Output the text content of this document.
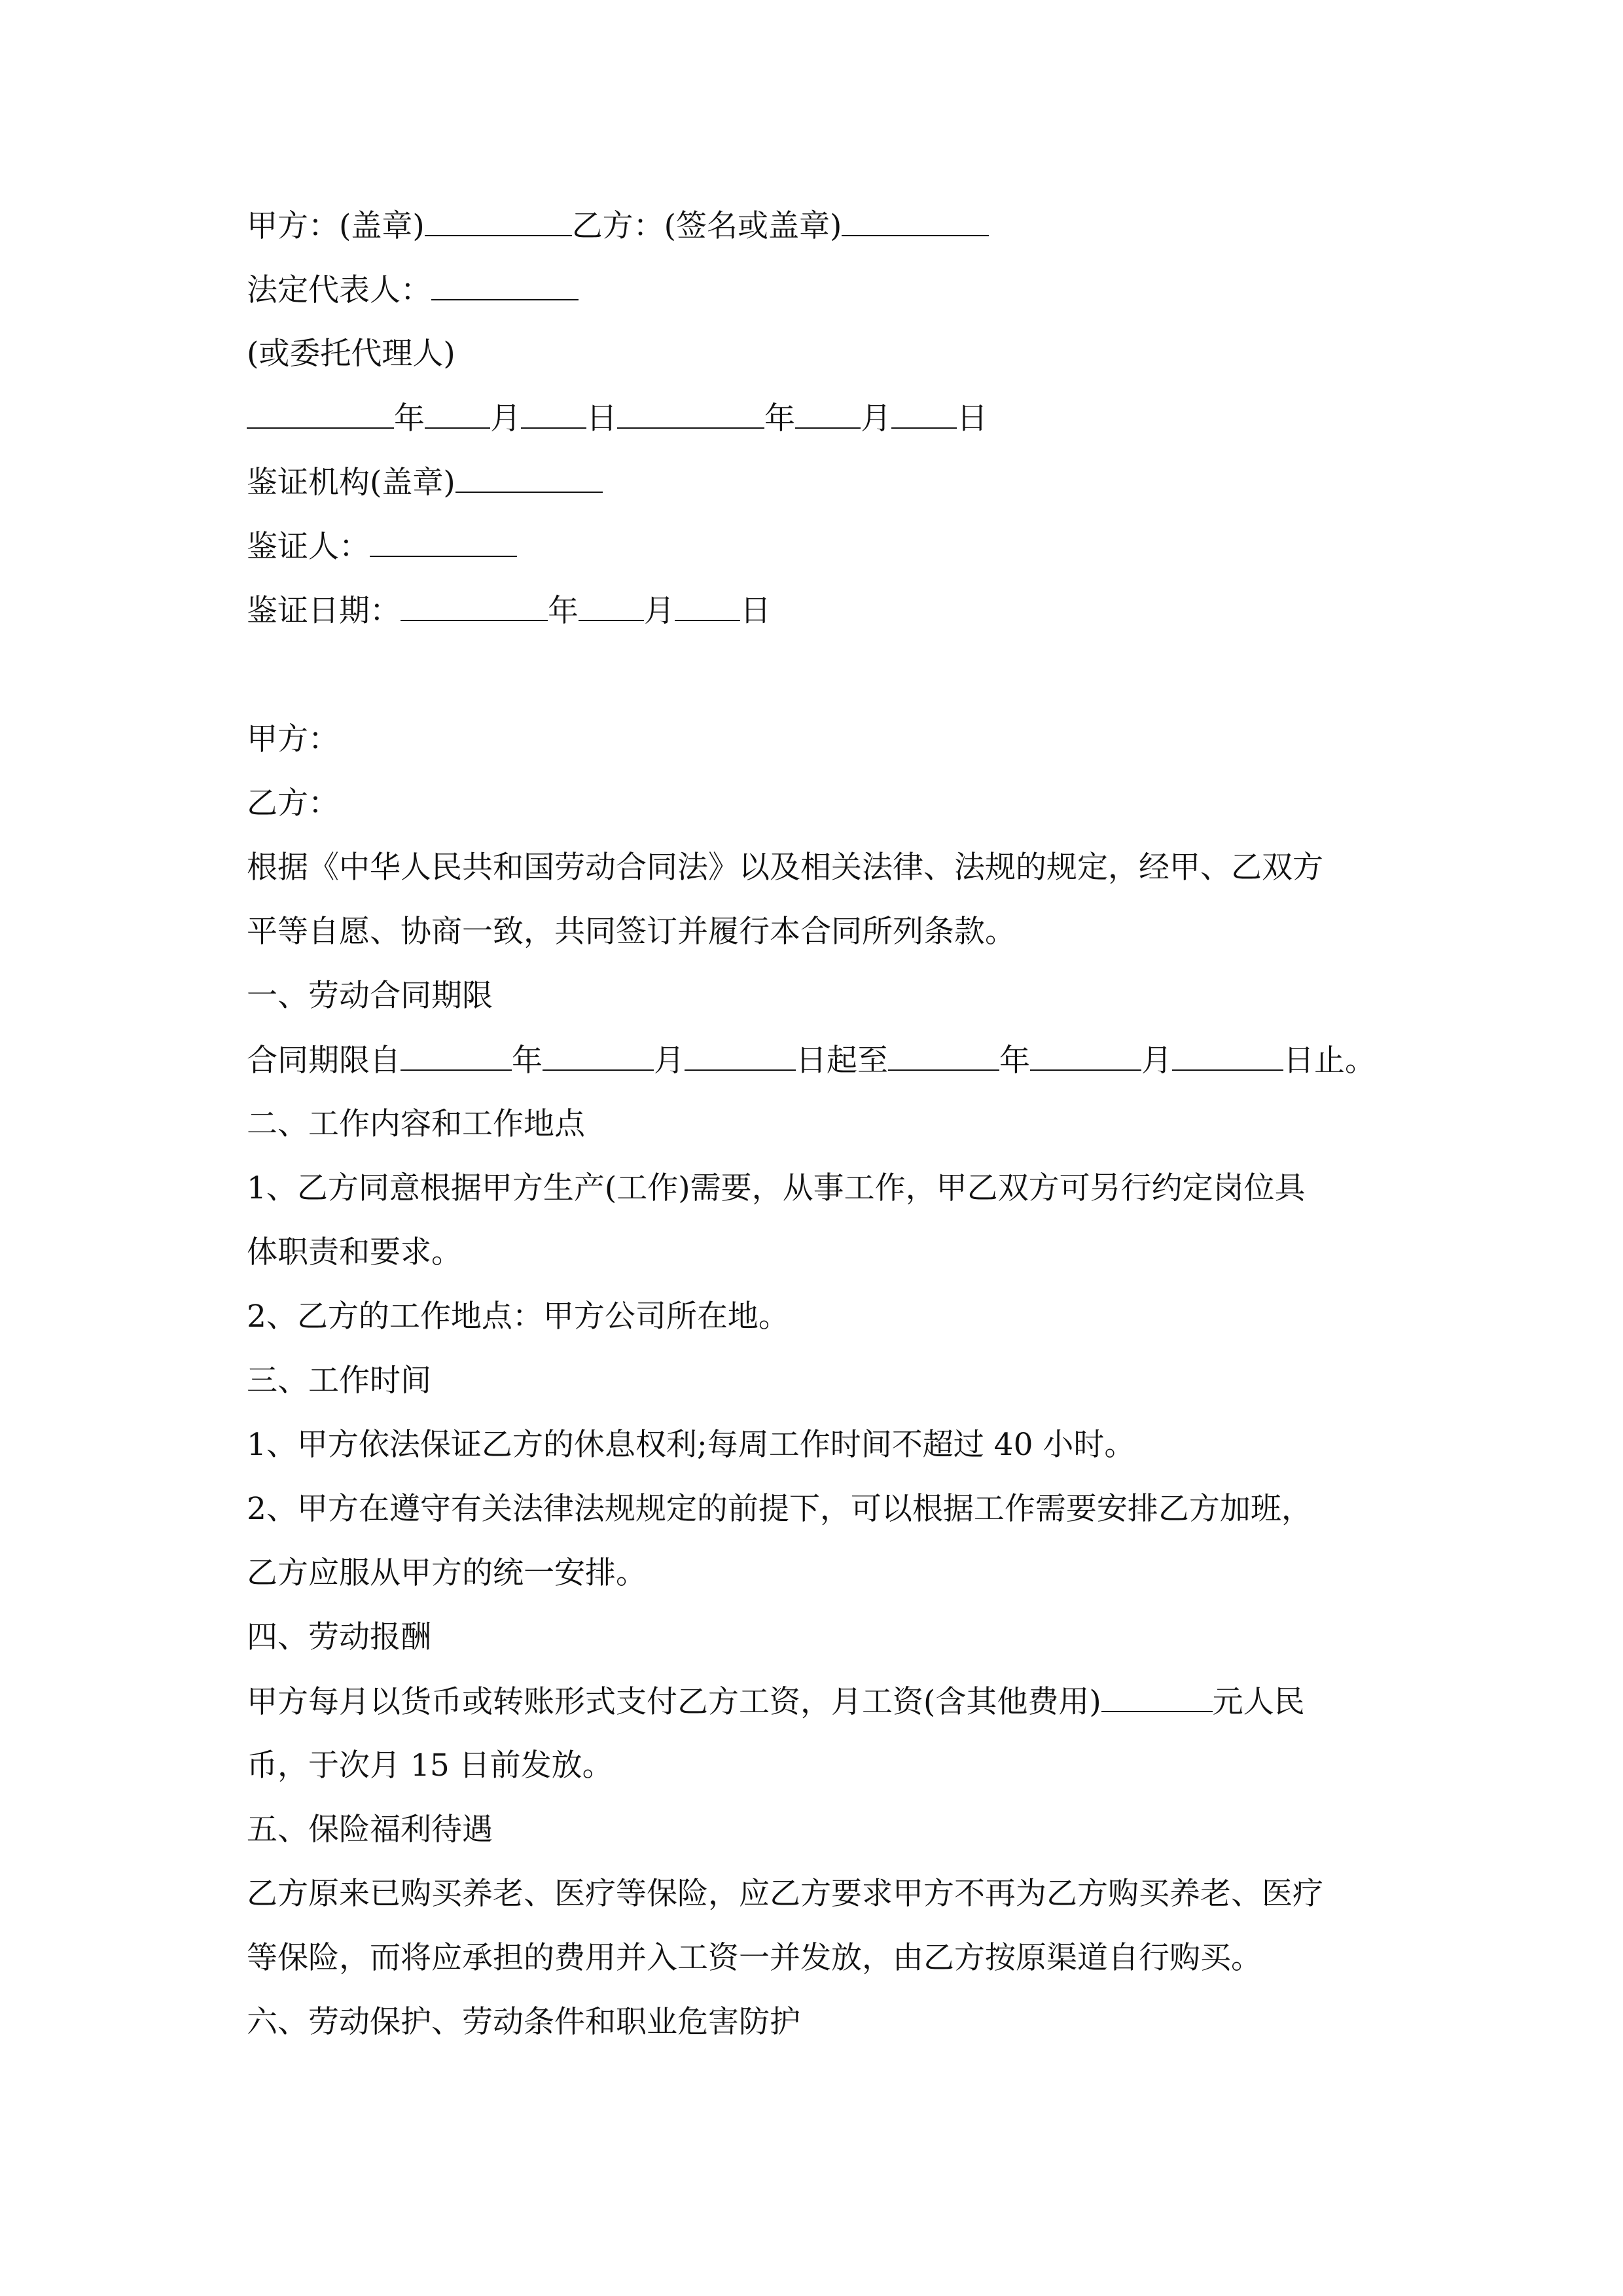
甲方：(盖章)	乙方：(签名或盖章)
法定代表人：
(或委托代理人)
年 月 日	年 月 日
鉴证机构(盖章)
鉴证人：
鉴证日期：	年 月 日
甲方：
乙方：
根据《中华人民共和国劳动合同法》以及相关法律、法规的规定，经甲、乙双方
平等自愿、协商一致，共同签订并履行本合同所列条款。
一、劳动合同期限
合同期限自	年	月	日起至	年	月	日止。
二、工作内容和工作地点
1、乙方同意根据甲方生产(工作)需要，从事工作，甲乙双方可另行约定岗位具
体职责和要求。
2、乙方的工作地点：甲方公司所在地。
三、工作时间
1、甲方依法保证乙方的休息权利;每周工作时间不超过 40 小时。
2、甲方在遵守有关法律法规规定的前提下，可以根据工作需要安排乙方加班，
乙方应服从甲方的统一安排。
四、劳动报酬
甲方每月以货币或转账形式支付乙方工资，月工资(含其他费用)	元人民
币，于次月 15 日前发放。
五、保险福利待遇
乙方原来已购买养老、医疗等保险，应乙方要求甲方不再为乙方购买养老、医疗
等保险，而将应承担的费用并入工资一并发放，由乙方按原渠道自行购买。
六、劳动保护、劳动条件和职业危害防护
